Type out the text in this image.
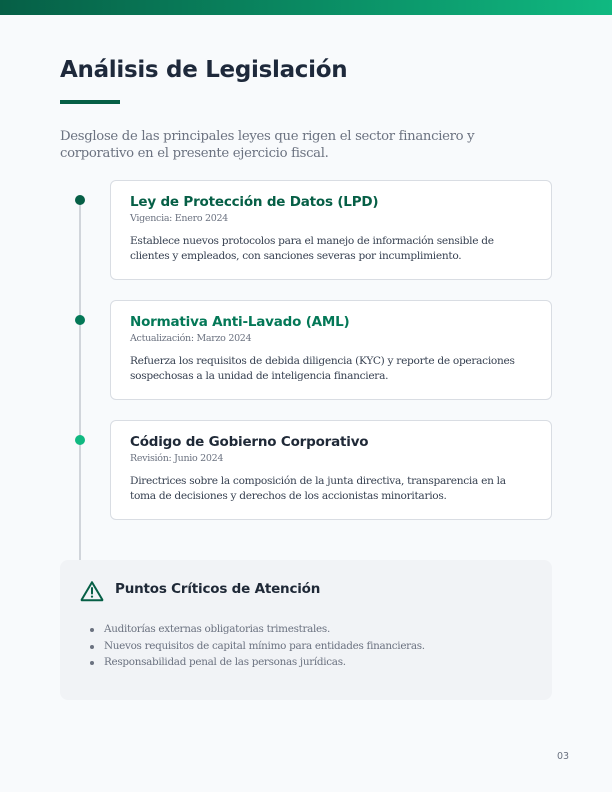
Análisis de Legislación

Desglose de las principales leyes que rigen el sector financiero y corporativo en el presente ejercicio fiscal.

Ley de Protección de Datos (LPD)
Vigencia: Enero 2024
Establece nuevos protocolos para el manejo de información sensible de clientes y empleados, con sanciones severas por incumplimiento.
Normativa Anti-Lavado (AML)
Actualización: Marzo 2024
Refuerza los requisitos de debida diligencia (KYC) y reporte de operaciones sospechosas a la unidad de inteligencia financiera.
Código de Gobierno Corporativo
Revisión: Junio 2024
Directrices sobre la composición de la junta directiva, transparencia en la toma de decisiones y derechos de los accionistas minoritarios.
Puntos Críticos de Atención
Auditorías externas obligatorias trimestrales.
Nuevos requisitos de capital mínimo para entidades financieras.
Responsabilidad penal de las personas jurídicas.
03
